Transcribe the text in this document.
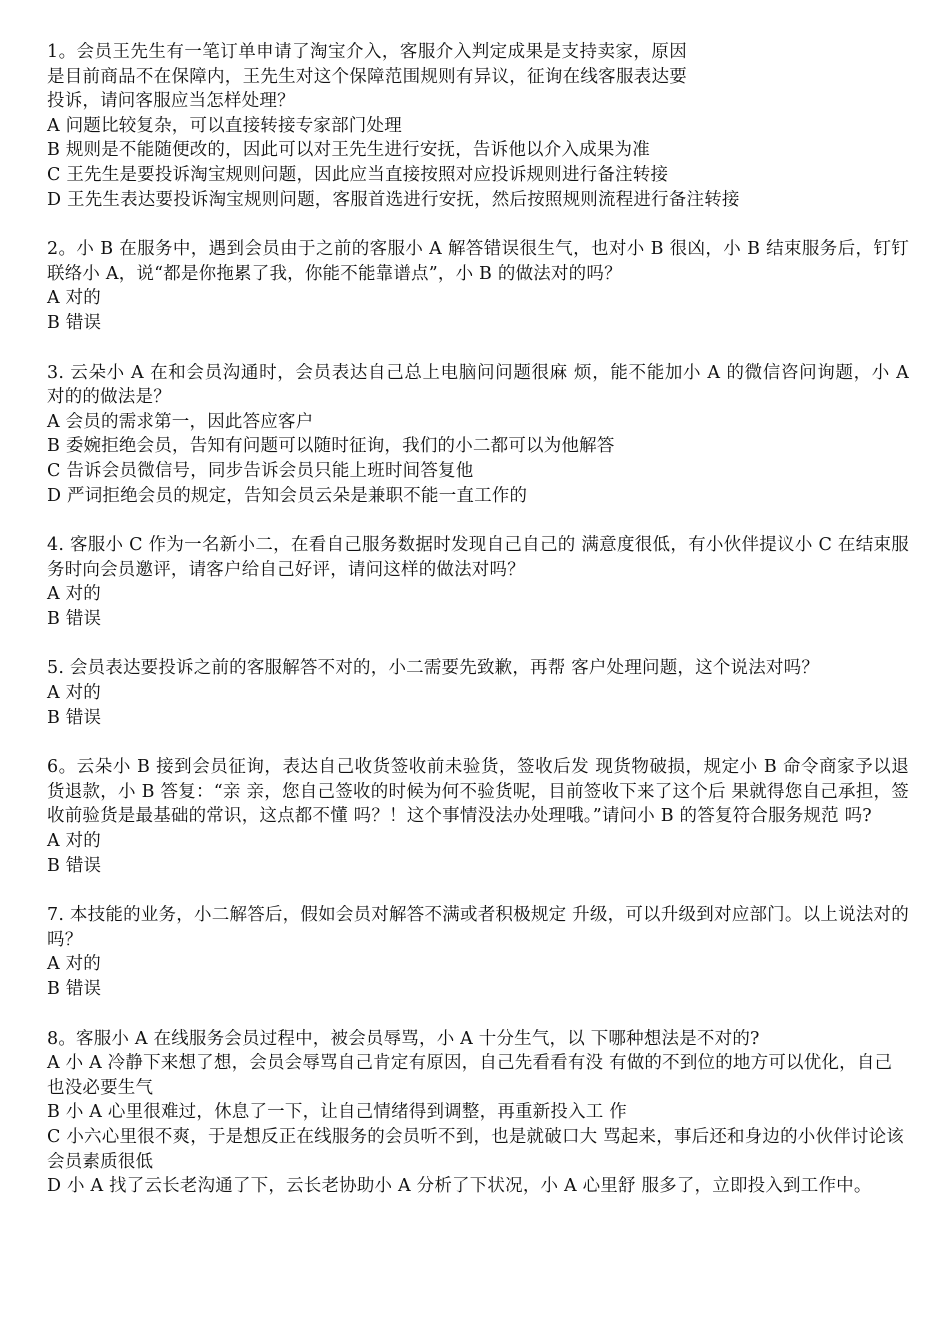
1。会员王先生有一笔订单申请了淘宝介入，客服介入判定成果是支持卖家，原因是目前商品不在保障内，王先生对这个保障范围规则有异议，征询在线客服表达要投诉，请问客服应当怎样处理？
A 问题比较复杂，可以直接转接专家部门处理
B 规则是不能随便改的，因此可以对王先生进行安抚，告诉他以介入成果为准
C 王先生是要投诉淘宝规则问题，因此应当直接按照对应投诉规则进行备注转接
D 王先生表达要投诉淘宝规则问题，客服首选进行安抚，然后按照规则流程进行备注转接
2。小 B 在服务中，遇到会员由于之前的客服小 A 解答错误很生气，也对小 B 很凶，小 B 结束服务后，钉钉联络小 A，说“都是你拖累了我，你能不能靠谱点”，小 B 的做法对的吗？
A 对的
B 错误
3. 云朵小 A 在和会员沟通时，会员表达自己总上电脑问问题很麻 烦，能不能加小 A 的微信咨问询题，小 A 对的的做法是？
A 会员的需求第一，因此答应客户
B 委婉拒绝会员，告知有问题可以随时征询，我们的小二都可以为他解答
C 告诉会员微信号，同步告诉会员只能上班时间答复他
D 严词拒绝会员的规定，告知会员云朵是兼职不能一直工作的
4. 客服小 C 作为一名新小二，在看自己服务数据时发现自己自己的 满意度很低，有小伙伴提议小 C 在结束服务时向会员邀评，请客户给自己好评，请问这样的做法对吗？
A 对的
B 错误
5. 会员表达要投诉之前的客服解答不对的，小二需要先致歉，再帮 客户处理问题，这个说法对吗？
A 对的
B 错误
6。云朵小 B 接到会员征询，表达自己收货签收前未验货，签收后发 现货物破损，规定小 B 命令商家予以退货退款，小 B 答复：“亲 亲，您自己签收的时候为何不验货呢，目前签收下来了这个后 果就得您自己承担，签收前验货是最基础的常识，这点都不懂 吗？！这个事情没法办处理哦。”请问小 B 的答复符合服务规范 吗?
A 对的
B 错误
7. 本技能的业务，小二解答后，假如会员对解答不满或者积极规定 升级，可以升级到对应部门。以上说法对的吗？
A 对的
B 错误
8。客服小 A 在线服务会员过程中，被会员辱骂，小 A 十分生气，以 下哪种想法是不对的?
A 小 A 冷静下来想了想，会员会辱骂自己肯定有原因，自己先看看有没 有做的不到位的地方可以优化，自己也没必要生气
B 小 A 心里很难过，休息了一下，让自己情绪得到调整，再重新投入工 作
C 小六心里很不爽，于是想反正在线服务的会员听不到，也是就破口大 骂起来，事后还和身边的小伙伴讨论该会员素质很低
D 小 A 找了云长老沟通了下，云长老协助小 A 分析了下状况，小 A 心里舒 服多了，立即投入到工作中。
